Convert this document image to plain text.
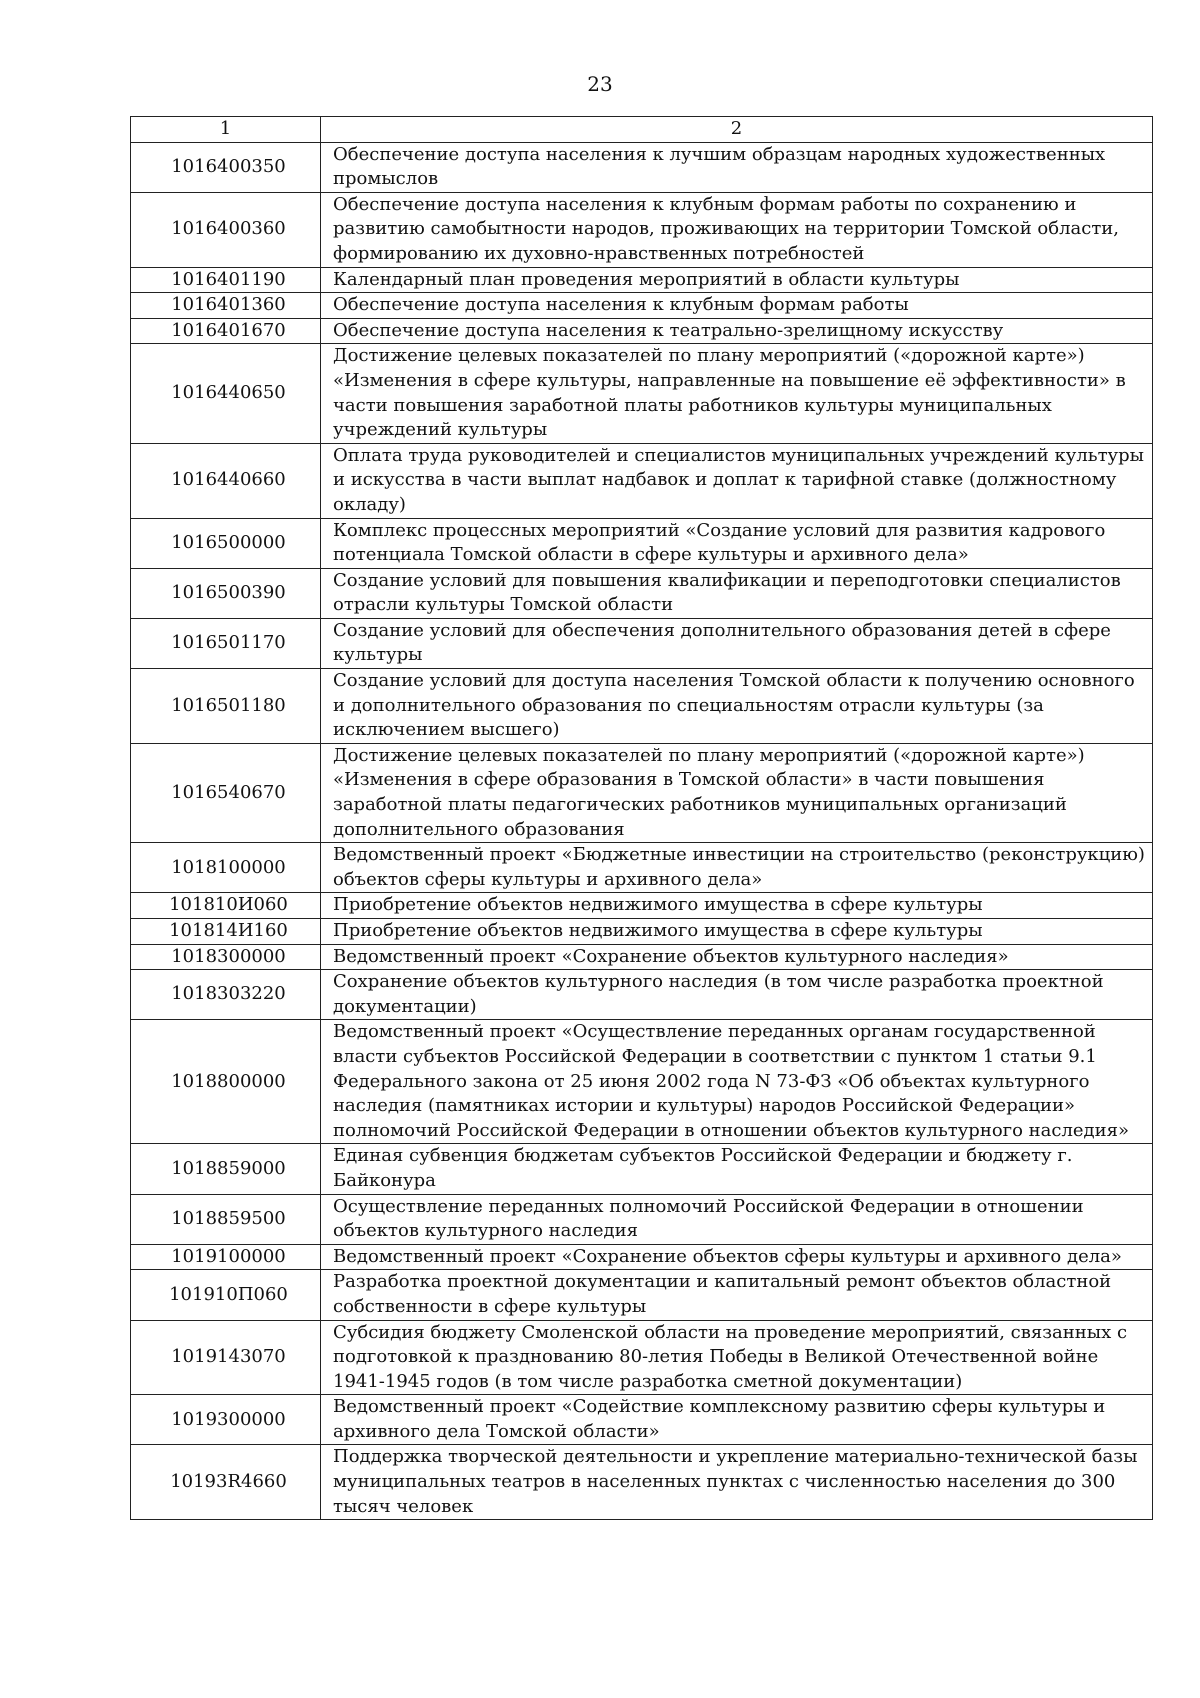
23
1	2
1016400350	Обеспечение доступа населения к лучшим образцам народных художественных промыслов
1016400360	Обеспечение доступа населения к клубным формам работы по сохранению и развитию самобытности народов, проживающих на территории Томской области, формированию их духовно-нравственных потребностей
1016401190	Календарный план проведения мероприятий в области культуры
1016401360	Обеспечение доступа населения к клубным формам работы
1016401670	Обеспечение доступа населения к театрально-зрелищному искусству
1016440650	Достижение целевых показателей по плану мероприятий («дорожной карте») «Изменения в сфере культуры, направленные на повышение её эффективности» в части повышения заработной платы работников культуры муниципальных учреждений культуры
1016440660	Оплата труда руководителей и специалистов муниципальных учреждений культуры и искусства в части выплат надбавок и доплат к тарифной ставке (должностному окладу)
1016500000	Комплекс процессных мероприятий «Создание условий для развития кадрового потенциала Томской области в сфере культуры и архивного дела»
1016500390	Создание условий для повышения квалификации и переподготовки специалистов отрасли культуры Томской области
1016501170	Создание условий для обеспечения дополнительного образования детей в сфере культуры
1016501180	Создание условий для доступа населения Томской области к получению основного и дополнительного образования по специальностям отрасли культуры (за исключением высшего)
1016540670	Достижение целевых показателей по плану мероприятий («дорожной карте») «Изменения в сфере образования в Томской области» в части повышения заработной платы педагогических работников муниципальных организаций дополнительного образования
1018100000	Ведомственный проект «Бюджетные инвестиции на строительство (реконструкцию) объектов сферы культуры и архивного дела»
101810И060	Приобретение объектов недвижимого имущества в сфере культуры
101814И160	Приобретение объектов недвижимого имущества в сфере культуры
1018300000	Ведомственный проект «Сохранение объектов культурного наследия»
1018303220	Сохранение объектов культурного наследия (в том числе разработка проектной документации)
1018800000	Ведомственный проект «Осуществление переданных органам государственной власти субъектов Российской Федерации в соответствии с пунктом 1 статьи 9.1 Федерального закона от 25 июня 2002 года N 73-ФЗ «Об объектах культурного наследия (памятниках истории и культуры) народов Российской Федерации» полномочий Российской Федерации в отношении объектов культурного наследия»
1018859000	Единая субвенция бюджетам субъектов Российской Федерации и бюджету г. Байконура
1018859500	Осуществление переданных полномочий Российской Федерации в отношении объектов культурного наследия
1019100000	Ведомственный проект «Сохранение объектов сферы культуры и архивного дела»
101910П060	Разработка проектной документации и капитальный ремонт объектов областной собственности в сфере культуры
1019143070	Субсидия бюджету Смоленской области на проведение мероприятий, связанных с подготовкой к празднованию 80-летия Победы в Великой Отечественной войне 1941-1945 годов (в том числе разработка сметной документации)
1019300000	Ведомственный проект «Содействие комплексному развитию сферы культуры и архивного дела Томской области»
10193R4660	Поддержка творческой деятельности и укрепление материально-технической базы муниципальных театров в населенных пунктах с численностью населения до 300 тысяч человек
